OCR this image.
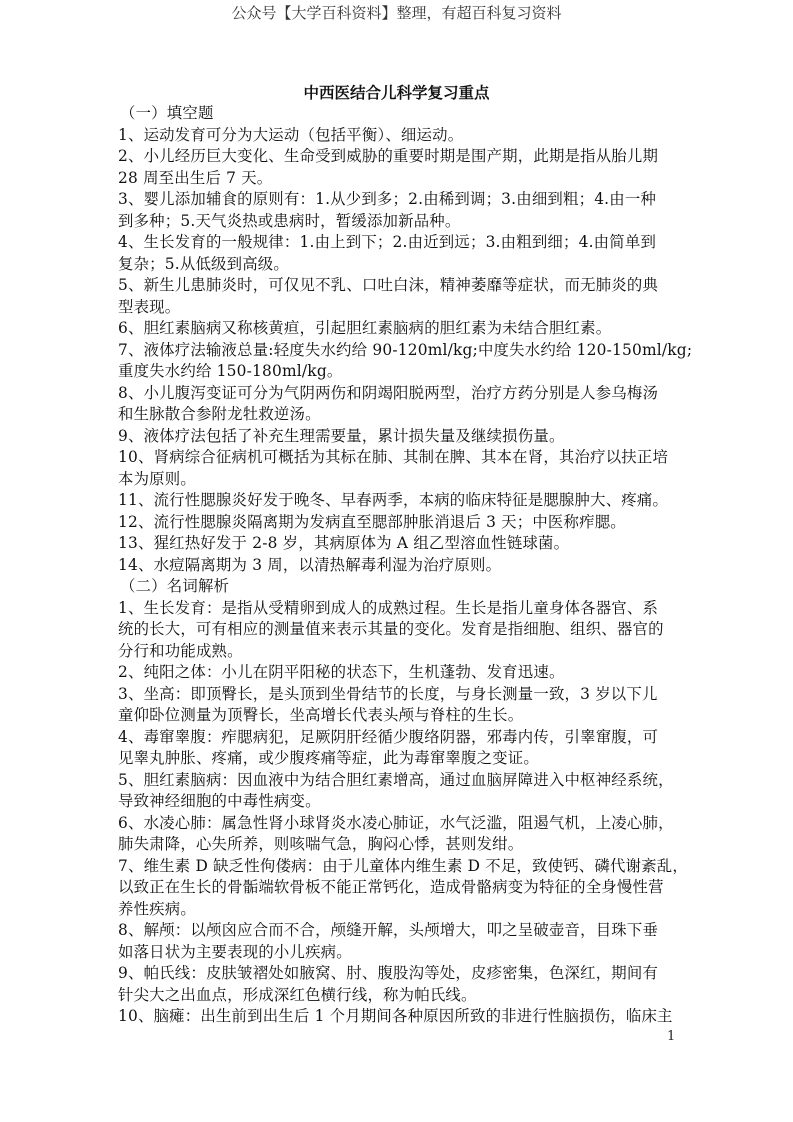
公众号【大学百科资料】整理，有超百科复习资料
中西医结合儿科学复习重点
（一）填空题
1、运动发育可分为大运动（包括平衡）、细运动。
2、小儿经历巨大变化、生命受到威胁的重要时期是围产期，此期是指从胎儿期
28 周至出生后 7 天。
3、婴儿添加辅食的原则有：1.从少到多；2.由稀到调；3.由细到粗；4.由一种
到多种；5.天气炎热或患病时，暂缓添加新品种。
4、生长发育的一般规律：1.由上到下；2.由近到远；3.由粗到细；4.由简单到
复杂；5.从低级到高级。
5、新生儿患肺炎时，可仅见不乳、口吐白沫，精神萎靡等症状，而无肺炎的典
型表现。
6、胆红素脑病又称核黄疸，引起胆红素脑病的胆红素为未结合胆红素。
7、液体疗法输液总量:轻度失水约给 90-120ml/kg;中度失水约给 120-150ml/kg;
重度失水约给 150-180ml/kg。
8、小儿腹泻变证可分为气阴两伤和阴竭阳脱两型，治疗方药分别是人参乌梅汤
和生脉散合参附龙牡救逆汤。
9、液体疗法包括了补充生理需要量，累计损失量及继续损伤量。
10、肾病综合征病机可概括为其标在肺、其制在脾、其本在肾，其治疗以扶正培
本为原则。
11、流行性腮腺炎好发于晚冬、早春两季，本病的临床特征是腮腺肿大、疼痛。
12、流行性腮腺炎隔离期为发病直至腮部肿胀消退后 3 天；中医称痄腮。
13、猩红热好发于 2-8 岁，其病原体为 A 组乙型溶血性链球菌。
14、水痘隔离期为 3 周，以清热解毒利湿为治疗原则。
（二）名词解析
1、生长发育：是指从受精卵到成人的成熟过程。生长是指儿童身体各器官、系
统的长大，可有相应的测量值来表示其量的变化。发育是指细胞、组织、器官的
分行和功能成熟。
2、纯阳之体：小儿在阴平阳秘的状态下，生机蓬勃、发育迅速。
3、坐高：即顶臀长，是头顶到坐骨结节的长度，与身长测量一致，3 岁以下儿
童仰卧位测量为顶臀长，坐高增长代表头颅与脊柱的生长。
4、毒窜睾腹：痄腮病犯，足厥阴肝经循少腹络阴器，邪毒内传，引睾窜腹，可
见睾丸肿胀、疼痛，或少腹疼痛等症，此为毒窜睾腹之变证。
5、胆红素脑病：因血液中为结合胆红素增高，通过血脑屏障进入中枢神经系统，
导致神经细胞的中毒性病变。
6、水凌心肺：属急性肾小球肾炎水凌心肺证，水气泛滥，阻遏气机，上凌心肺，
肺失肃降，心失所养，则咳喘气急，胸闷心悸，甚则发绀。
7、维生素 D 缺乏性佝偻病：由于儿童体内维生素 D 不足，致使钙、磷代谢紊乱，
以致正在生长的骨骺端软骨板不能正常钙化，造成骨骼病变为特征的全身慢性营
养性疾病。
8、解颅：以颅囟应合而不合，颅缝开解，头颅增大，叩之呈破壶音，目珠下垂
如落日状为主要表现的小儿疾病。
9、帕氏线：皮肤皱褶处如腋窝、肘、腹股沟等处，皮疹密集，色深红，期间有
针尖大之出血点，形成深红色横行线，称为帕氏线。
10、脑瘫：出生前到出生后 1 个月期间各种原因所致的非进行性脑损伤，临床主
1
